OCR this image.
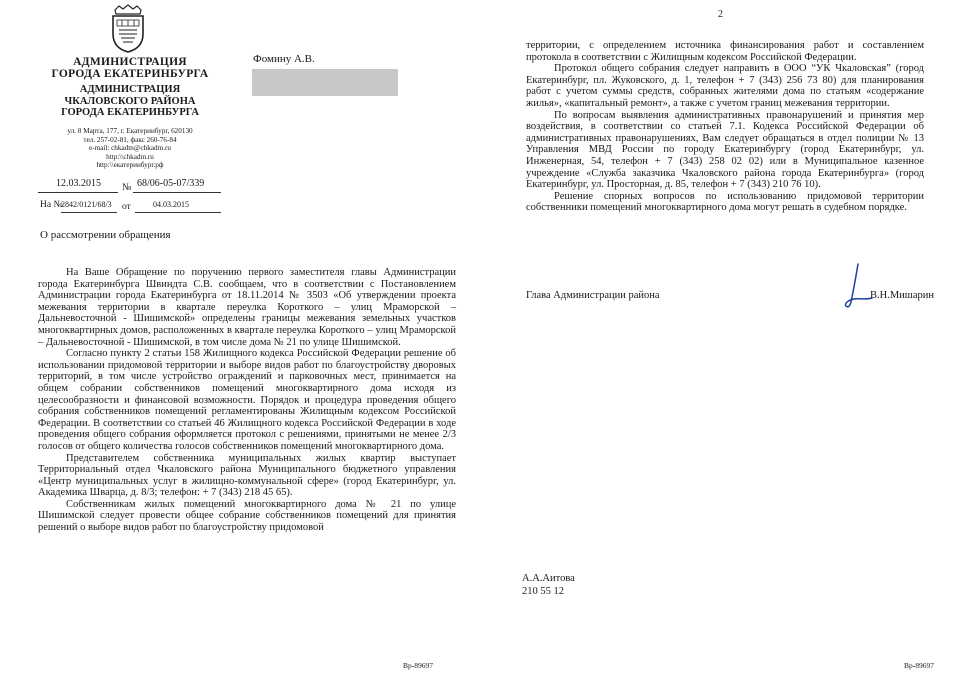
АДМИНИСТРАЦИЯ
ГОРОДА ЕКАТЕРИНБУРГА
АДМИНИСТРАЦИЯ
ЧКАЛОВСКОГО РАЙОНА
ГОРОДА ЕКАТЕРИНБУРГА
ул. 8 Марта, 177, г. Екатеринбург, 620130
тел. 257-02-81, факс 260-76-84
e-mail: chkadm@chkadm.ru
http:\\chkadm.ru
http:\\екатеринбург.рф
12.03.2015 № 68/06-05-07/339
На №
2842/0121/68/3 от	04.03.2015
Фомину А.В.
О рассмотрении обращения

На Ваше Обращение по поручению первого заместителя главы Администрации города Екатеринбурга Швиндта С.В. сообщаем, что в соответствии с Постановлением Администрации города Екатеринбурга от 18.11.2014 № 3503 «Об утверждении проекта межевания территории в квартале переулка Короткого – улиц Мраморской – Дальневосточной - Шишимской» определены границы межевания земельных участков многоквартирных домов, расположенных в квартале переулка Короткого – улиц Мраморской – Дальневосточной - Шишимской, в том числе дома № 21 по улице Шишимской.

Согласно пункту 2 статьи 158 Жилищного кодекса Российской Федерации решение об использовании придомовой территории и выборе видов работ по благоустройству дворовых территорий, в том числе устройство ограждений и парковочных мест, принимается на общем собрании собственников помещений многоквартирного дома исходя из целесообразности и финансовой возможности. Порядок и процедура проведения общего собрания собственников помещений регламентированы Жилищным кодексом Российской Федерации. В соответствии со статьей 46 Жилищного кодекса Российской Федерации в ходе проведения общего собрания оформляется протокол с решениями, принятыми не менее 2/3 голосов от общего количества голосов собственников помещений многоквартирного дома.

Представителем собственника муниципальных жилых квартир выступает Территориальный отдел Чкаловского района Муниципального бюджетного управления «Центр муниципальных услуг в жилищно-коммунальной сфере» (город Екатеринбург, ул. Академика Шварца, д. 8/3; телефон: + 7 (343) 218 45 65).

Собственникам жилых помещений многоквартирного дома № 21 по улице Шишимской следует провести общее собрание собственников помещений для принятия решений о выборе видов работ по благоустройству придомовой

Вр-89697
2

территории, с определением источника финансирования работ и составлением протокола в соответствии с Жилищным кодексом Российской Федерации.

Протокол общего собрания следует направить в ООО “УК Чкаловская” (город Екатеринбург, пл. Жуковского, д. 1, телефон + 7 (343) 256 73 80) для планирования работ с учетом суммы средств, собранных жителями дома по статьям «содержание жилья», «капитальный ремонт», а также с учетом границ межевания территории.

По вопросам выявления административных правонарушений и принятия мер воздействия, в соответствии со статьей 7.1. Кодекса Российской Федерации об административных правонарушениях, Вам следует обращаться в отдел полиции № 13 Управления МВД России по городу Екатеринбургу (город Екатеринбург, ул. Инженерная, 54, телефон + 7 (343) 258 02 02) или в Муниципальное казенное учреждение «Служба заказчика Чкаловского района города Екатеринбурга» (город Екатеринбург, ул. Просторная, д. 85, телефон + 7 (343) 210 76 10).

Решение спорных вопросов по использованию придомовой территории собственники помещений многоквартирного дома могут решать в судебном порядке.

Глава Администрации района	В.Н.Мишарин
А.А.Аитова
210 55 12
Вр-89697
